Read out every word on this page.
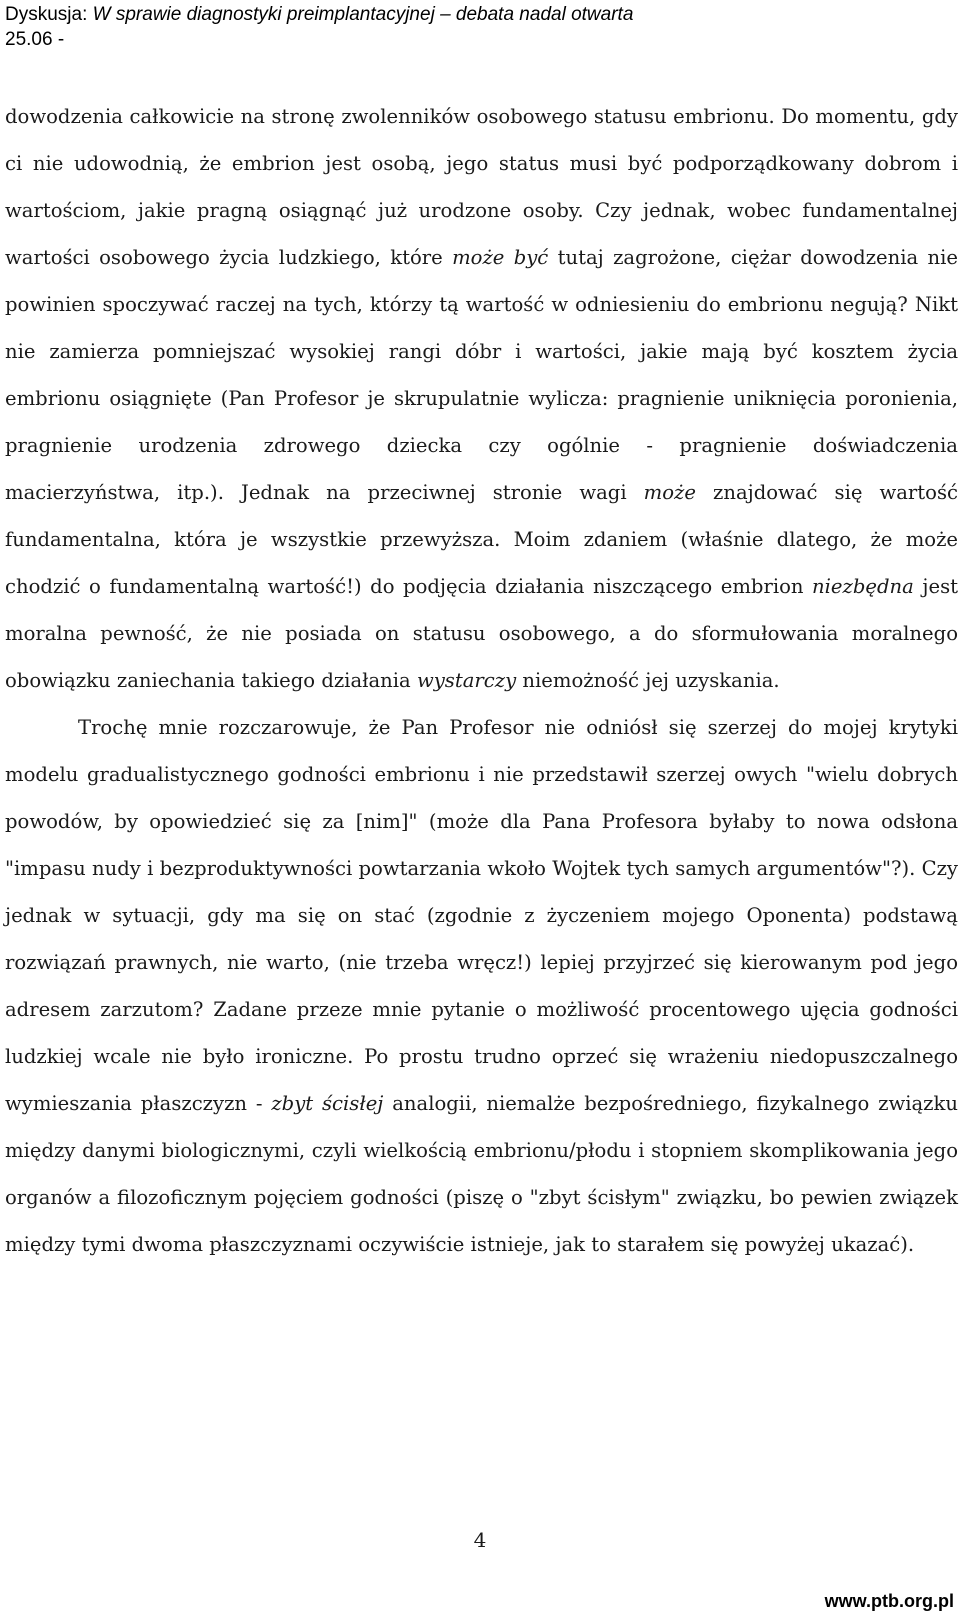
Dyskusja: W sprawie diagnostyki preimplantacyjnej – debata nadal otwarta
25.06 -

dowodzenia całkowicie na stronę zwolenników osobowego statusu embrionu. Do momentu, gdy ci nie udowodnią, że embrion jest osobą, jego status musi być podporządkowany dobrom i wartościom, jakie pragną osiągnąć już urodzone osoby. Czy jednak, wobec fundamentalnej wartości osobowego życia ludzkiego, które może być tutaj zagrożone, ciężar dowodzenia nie powinien spoczywać raczej na tych, którzy tą wartość w odniesieniu do embrionu negują? Nikt nie zamierza pomniejszać wysokiej rangi dóbr i wartości, jakie mają być kosztem życia embrionu osiągnięte (Pan Profesor je skrupulatnie wylicza: pragnienie uniknięcia poronienia, pragnienie urodzenia zdrowego dziecka czy ogólnie - pragnienie doświadczenia macierzyństwa, itp.). Jednak na przeciwnej stronie wagi może znajdować się wartość fundamentalna, która je wszystkie przewyższa. Moim zdaniem (właśnie dlatego, że może chodzić o fundamentalną wartość!) do podjęcia działania niszczącego embrion niezbędna jest moralna pewność, że nie posiada on statusu osobowego, a do sformułowania moralnego obowiązku zaniechania takiego działania wystarczy niemożność jej uzyskania.

Trochę mnie rozczarowuje, że Pan Profesor nie odniósł się szerzej do mojej krytyki modelu gradualistycznego godności embrionu i nie przedstawił szerzej owych "wielu dobrych powodów, by opowiedzieć się za [nim]" (może dla Pana Profesora byłaby to nowa odsłona "impasu nudy i bezproduktywności powtarzania wkoło Wojtek tych samych argumentów"?). Czy jednak w sytuacji, gdy ma się on stać (zgodnie z życzeniem mojego Oponenta) podstawą rozwiązań prawnych, nie warto, (nie trzeba wręcz!) lepiej przyjrzeć się kierowanym pod jego adresem zarzutom? Zadane przeze mnie pytanie o możliwość procentowego ujęcia godności ludzkiej wcale nie było ironiczne. Po prostu trudno oprzeć się wrażeniu niedopuszczalnego wymieszania płaszczyzn - zbyt ścisłej analogii, niemalże bezpośredniego, fizykalnego związku między danymi biologicznymi, czyli wielkością embrionu/płodu i stopniem skomplikowania jego organów a filozoficznym pojęciem godności (piszę o "zbyt ścisłym" związku, bo pewien związek między tymi dwoma płaszczyznami oczywiście istnieje, jak to starałem się powyżej ukazać).

4
www.ptb.org.pl
